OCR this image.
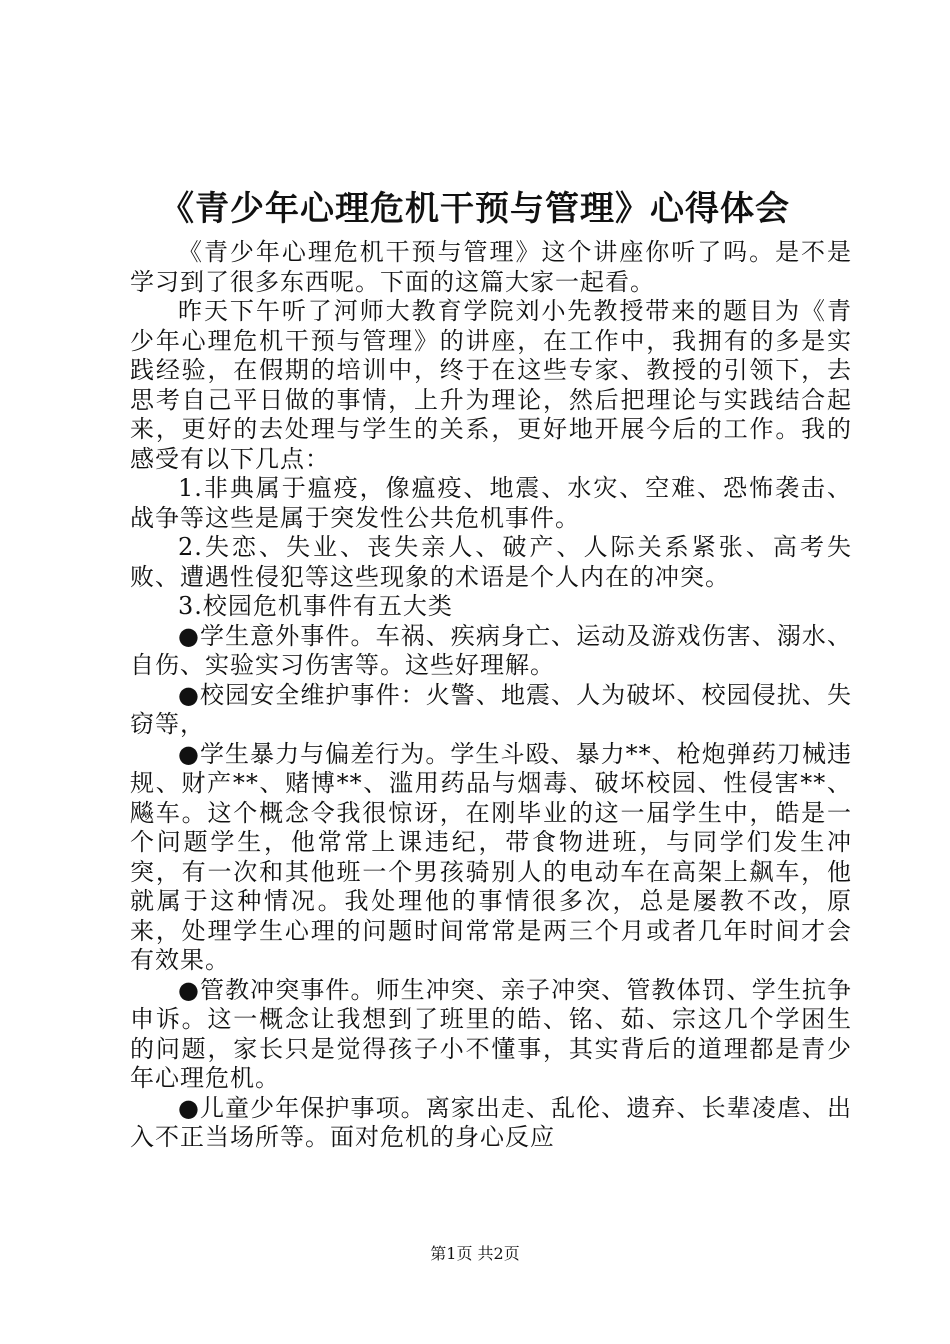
《青少年心理危机干预与管理》心得体会

《青少年心理危机干预与管理》这个讲座你听了吗。是不是学习到了很多东西呢。下面的这篇大家一起看。

昨天下午听了河师大教育学院刘小先教授带来的题目为《青少年心理危机干预与管理》的讲座，在工作中，我拥有的多是实践经验，在假期的培训中，终于在这些专家、教授的引领下，去思考自己平日做的事情，上升为理论，然后把理论与实践结合起来，更好的去处理与学生的关系，更好地开展今后的工作。我的感受有以下几点：

1.非典属于瘟疫，像瘟疫、地震、水灾、空难、恐怖袭击、战争等这些是属于突发性公共危机事件。

2.失恋、失业、丧失亲人、破产、人际关系紧张、高考失败、遭遇性侵犯等这些现象的术语是个人内在的冲突。

3.校园危机事件有五大类

●学生意外事件。车祸、疾病身亡、运动及游戏伤害、溺水、自伤、实验实习伤害等。这些好理解。

●校园安全维护事件：火警、地震、人为破坏、校园侵扰、失窃等，

●学生暴力与偏差行为。学生斗殴、暴力**、枪炮弹药刀械违规、财产**、赌博**、滥用药品与烟毒、破坏校园、性侵害**、飚车。这个概念令我很惊讶，在刚毕业的这一届学生中，皓是一个问题学生，他常常上课违纪，带食物进班，与同学们发生冲突，有一次和其他班一个男孩骑别人的电动车在高架上飙车，他就属于这种情况。我处理他的事情很多次，总是屡教不改，原来，处理学生心理的问题时间常常是两三个月或者几年时间才会有效果。

●管教冲突事件。师生冲突、亲子冲突、管教体罚、学生抗争申诉。这一概念让我想到了班里的皓、铭、茹、宗这几个学困生的问题，家长只是觉得孩子小不懂事，其实背后的道理都是青少年心理危机。

●儿童少年保护事项。离家出走、乱伦、遗弃、长辈凌虐、出入不正当场所等。面对危机的身心反应

第1页 共2页
